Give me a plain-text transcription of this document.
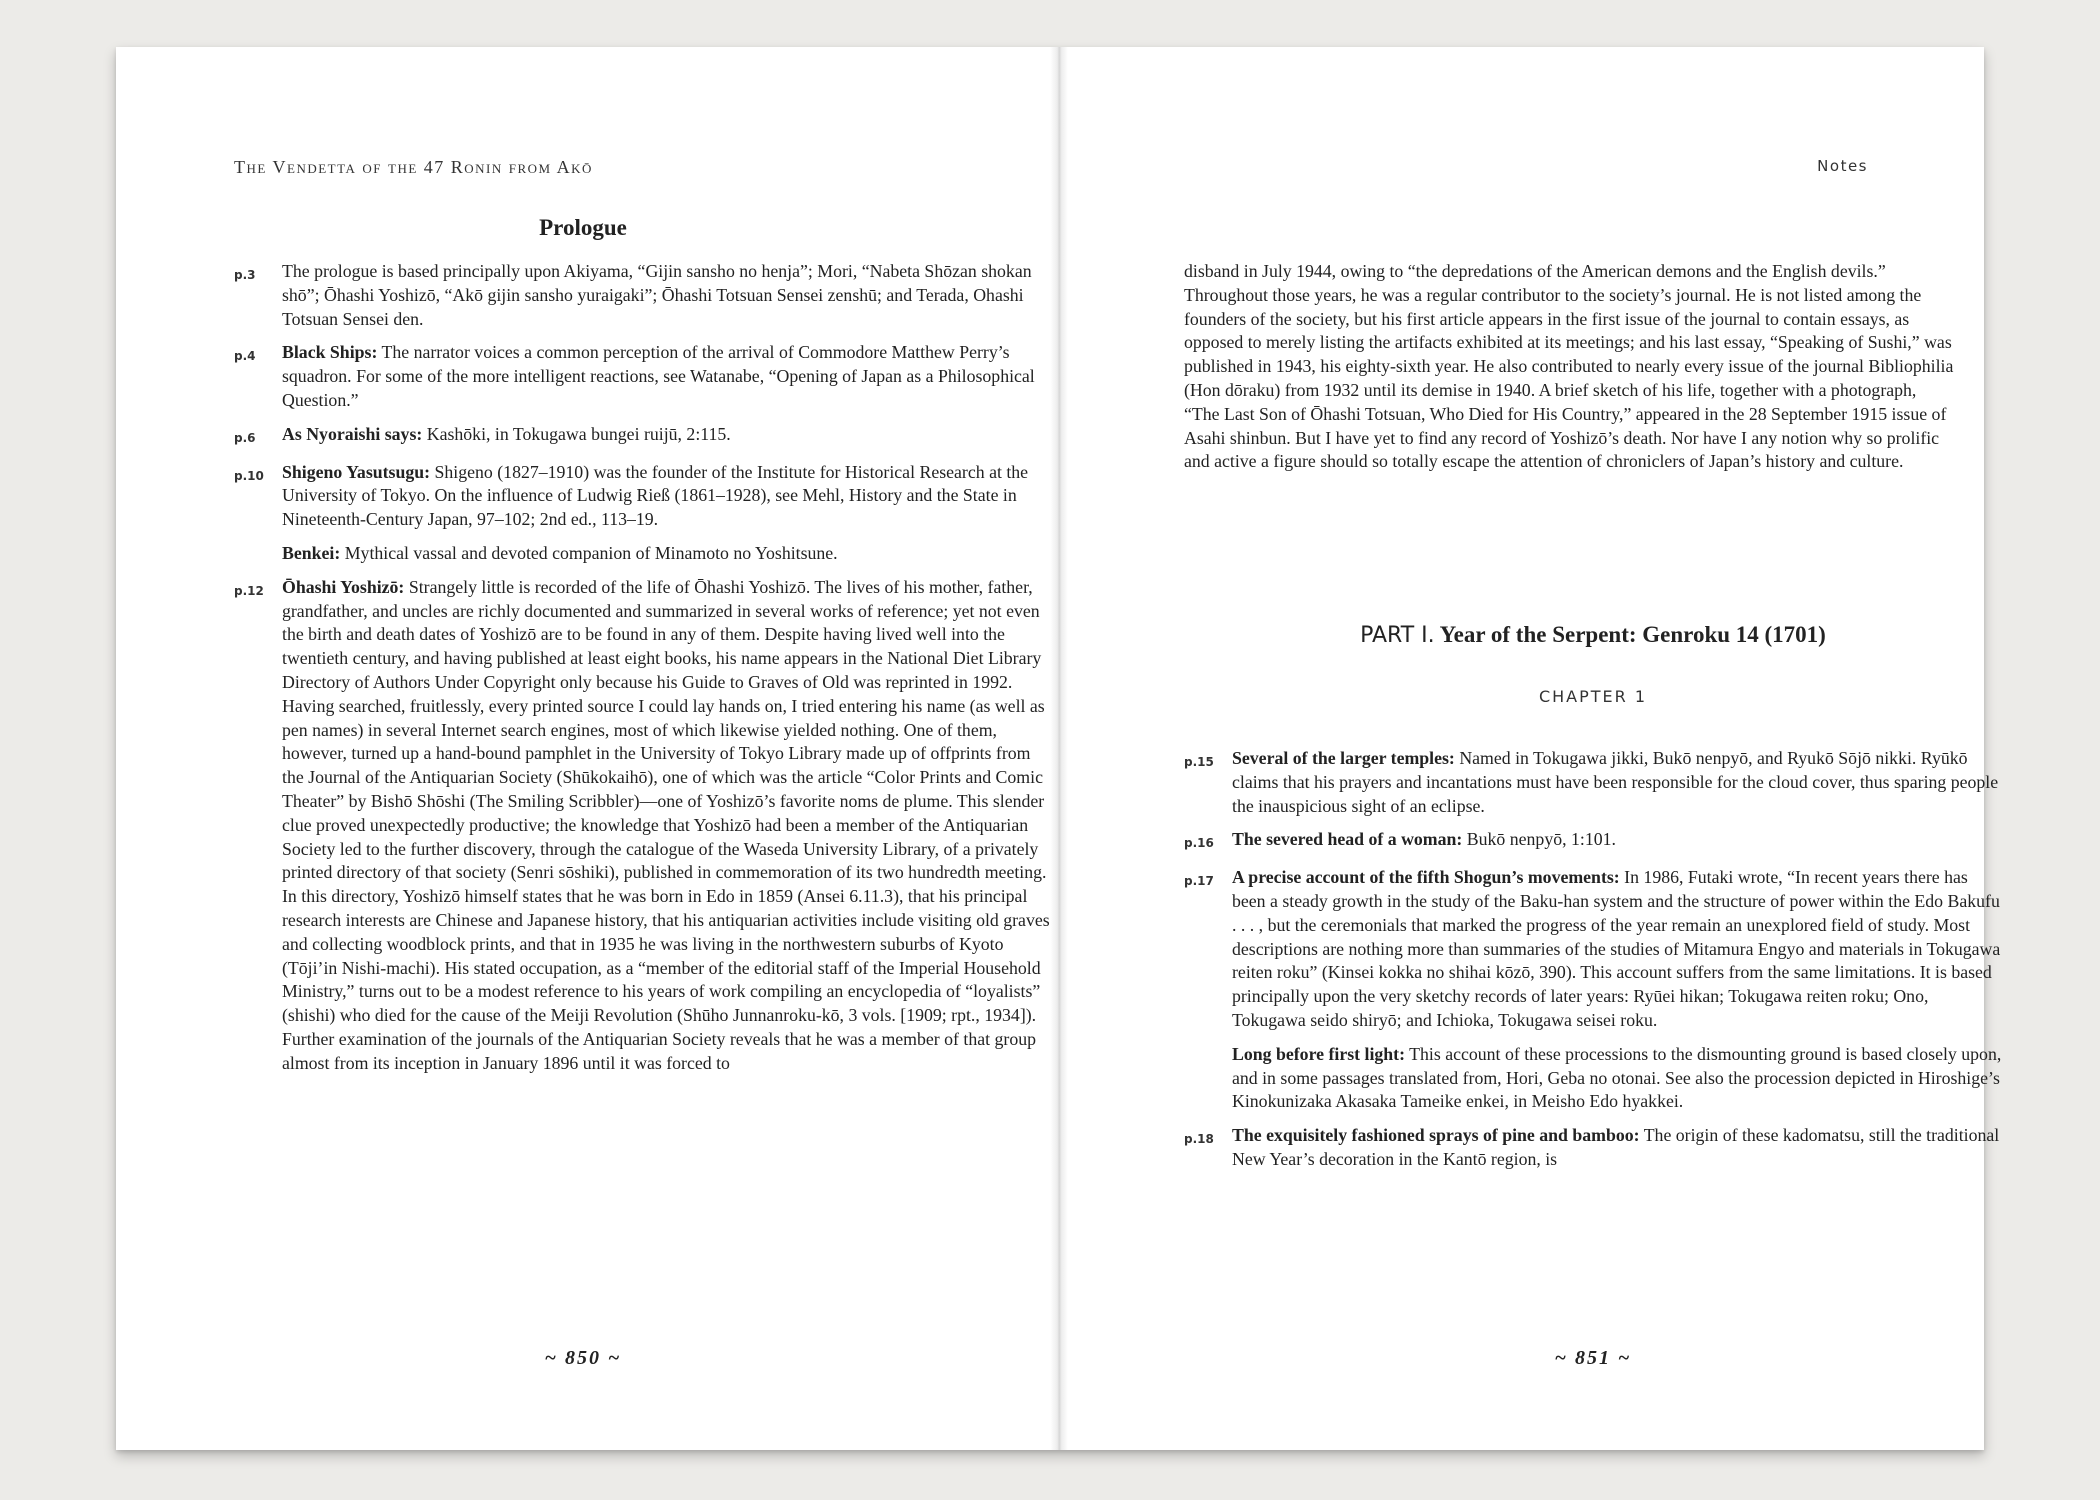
The Vendetta of the 47 Ronin from Akō
Prologue
p.3	The prologue is based principally upon Akiyama, “Gijin sansho no henja”; Mori, “Nabeta Shōzan shokan shō”; Ōhashi Yoshizō, “Akō gijin sansho yuraigaki”; Ōhashi Totsuan Sensei zenshū; and Terada, Ohashi Totsuan Sensei den.
p.4	Black Ships: The narrator voices a common perception of the arrival of Commodore Matthew Perry’s squadron. For some of the more intelligent reactions, see Watanabe, “Opening of Japan as a Philosophical Question.”
p.6	As Nyoraishi says: Kashōki, in Tokugawa bungei ruijū, 2:115.
p.10	Shigeno Yasutsugu: Shigeno (1827–1910) was the founder of the Institute for Historical Research at the University of Tokyo. On the influence of Ludwig Rieß (1861–1928), see Mehl, History and the State in Nineteenth-Century Japan, 97–102; 2nd ed., 113–19.
Benkei: Mythical vassal and devoted companion of Minamoto no Yoshitsune.
p.12	Ōhashi Yoshizō: Strangely little is recorded of the life of Ōhashi Yoshizō. The lives of his mother, father, grandfather, and uncles are richly documented and summarized in several works of reference; yet not even the birth and death dates of Yoshizō are to be found in any of them. Despite having lived well into the twentieth century, and having published at least eight books, his name appears in the National Diet Library Directory of Authors Under Copyright only because his Guide to Graves of Old was reprinted in 1992. Having searched, fruitlessly, every printed source I could lay hands on, I tried entering his name (as well as pen names) in several Internet search engines, most of which likewise yielded nothing. One of them, however, turned up a hand-bound pamphlet in the University of Tokyo Library made up of offprints from the Journal of the Antiquarian Society (Shūkokaihō), one of which was the article “Color Prints and Comic Theater” by Bishō Shōshi (The Smiling Scribbler)—one of Yoshizō’s favorite noms de plume. This slender clue proved unexpectedly productive; the knowledge that Yoshizō had been a member of the Antiquarian Society led to the further discovery, through the catalogue of the Waseda University Library, of a privately printed directory of that society (Senri sōshiki), published in commemoration of its two hundredth meeting. In this directory, Yoshizō himself states that he was born in Edo in 1859 (Ansei 6.11.3), that his principal research interests are Chinese and Japanese history, that his antiquarian activities include visiting old graves and collecting woodblock prints, and that in 1935 he was living in the northwestern suburbs of Kyoto (Tōji’in Nishi-machi). His stated occupation, as a “member of the editorial staff of the Imperial Household Ministry,” turns out to be a modest reference to his years of work compiling an encyclopedia of “loyalists” (shishi) who died for the cause of the Meiji Revolution (Shūho Junnanroku-kō, 3 vols. [1909; rpt., 1934]). Further examination of the journals of the Antiquarian Society reveals that he was a member of that group almost from its inception in January 1896 until it was forced to
~ 850 ~
Notes
disband in July 1944, owing to “the depredations of the American demons and the English devils.” Throughout those years, he was a regular contributor to the society’s journal. He is not listed among the founders of the society, but his first article appears in the first issue of the journal to contain essays, as opposed to merely listing the artifacts exhibited at its meetings; and his last essay, “Speaking of Sushi,” was published in 1943, his eighty-sixth year. He also contributed to nearly every issue of the journal Bibliophilia (Hon dōraku) from 1932 until its demise in 1940. A brief sketch of his life, together with a photograph, “The Last Son of Ōhashi Totsuan, Who Died for His Country,” appeared in the 28 September 1915 issue of Asahi shinbun. But I have yet to find any record of Yoshizō’s death. Nor have I any notion why so prolific and active a figure should so totally escape the attention of chroniclers of Japan’s history and culture.
PART I. Year of the Serpent: Genroku 14 (1701)
CHAPTER 1
p.15	Several of the larger temples: Named in Tokugawa jikki, Bukō nenpyō, and Ryukō Sōjō nikki. Ryūkō claims that his prayers and incantations must have been responsible for the cloud cover, thus sparing people the inauspicious sight of an eclipse.
p.16	The severed head of a woman: Bukō nenpyō, 1:101.
p.17	A precise account of the fifth Shogun’s movements: In 1986, Futaki wrote, “In recent years there has been a steady growth in the study of the Baku-han system and the structure of power within the Edo Bakufu . . . , but the ceremonials that marked the progress of the year remain an unexplored field of study. Most descriptions are nothing more than summaries of the studies of Mitamura Engyo and materials in Tokugawa reiten roku” (Kinsei kokka no shihai kōzō, 390). This account suffers from the same limitations. It is based principally upon the very sketchy records of later years: Ryūei hikan; Tokugawa reiten roku; Ono, Tokugawa seido shiryō; and Ichioka, Tokugawa seisei roku.
Long before first light: This account of these processions to the dismounting ground is based closely upon, and in some passages translated from, Hori, Geba no otonai. See also the procession depicted in Hiroshige’s Kinokunizaka Akasaka Tameike enkei, in Meisho Edo hyakkei.
p.18	The exquisitely fashioned sprays of pine and bamboo: The origin of these kadomatsu, still the traditional New Year’s decoration in the Kantō region, is
~ 851 ~
